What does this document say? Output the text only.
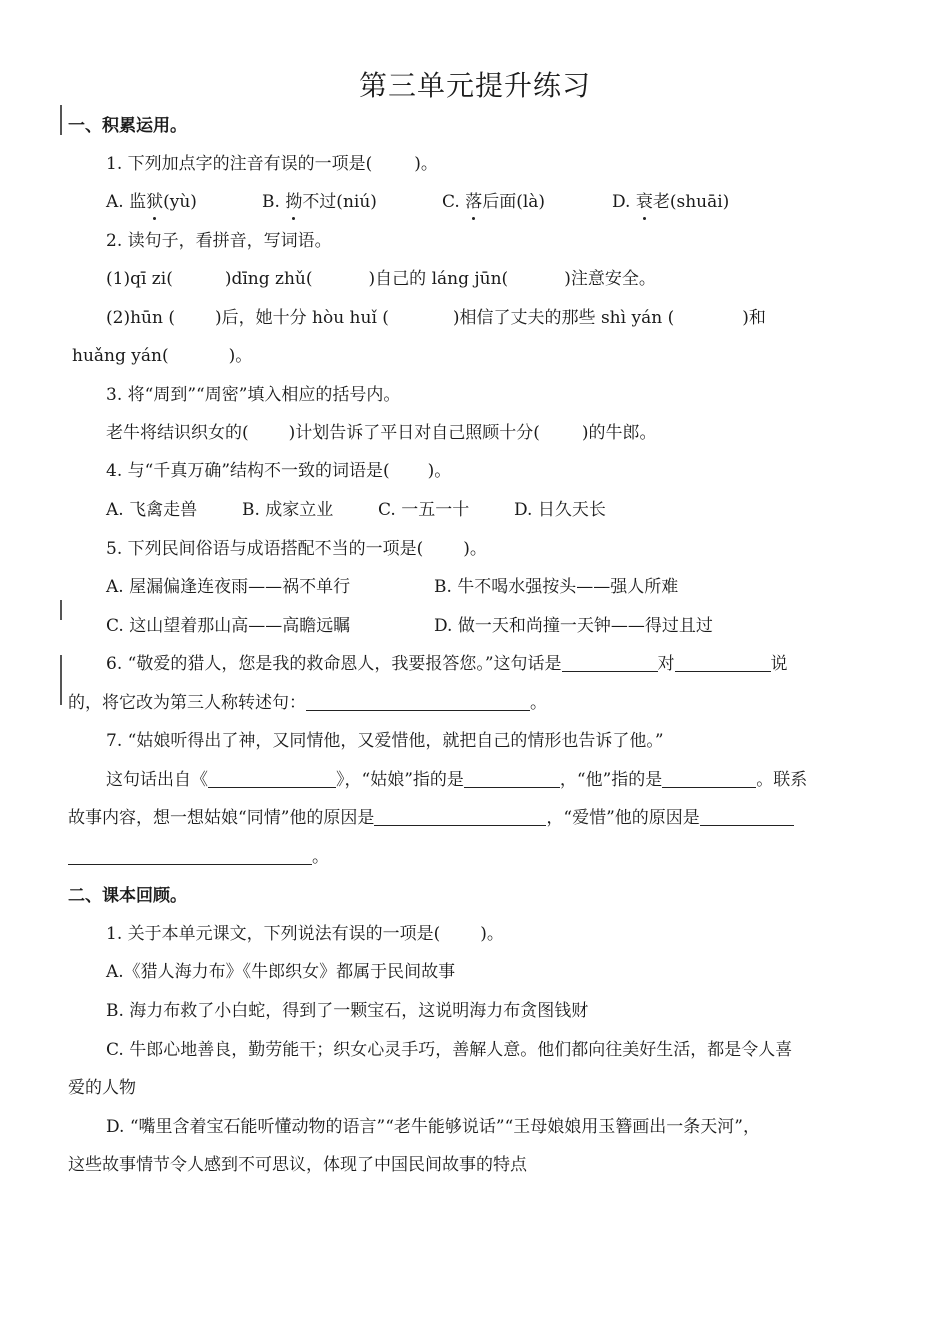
第三单元提升练习
一、积累运用。
1. 下列加点字的注音有误的一项是( )。
A. 监狱(yù)	B. 拗不过(niú)	C. 落后面(là)	D. 衰老(shuāi)
2. 读句子，看拼音，写词语。
(1)qī zi(	)dīng zhǔ(	)自己的 láng jūn(	)注意安全。
(2)hūn ( )后，她十分 hòu huǐ (	)相信了丈夫的那些 shì yán (	)和
huǎng yán(	)。
3. 将“周到”“周密”填入相应的括号内。
老牛将结识织女的( )计划告诉了平日对自己照顾十分( )的牛郎。
4. 与“千真万确”结构不一致的词语是( )。
A. 飞禽走兽	B. 成家立业	C. 一五一十	D. 日久天长
5. 下列民间俗语与成语搭配不当的一项是( )。
A. 屋漏偏逢连夜雨——祸不单行	B. 牛不喝水强按头——强人所难
C. 这山望着那山高——高瞻远瞩	D. 做一天和尚撞一天钟——得过且过
6. “敬爱的猎人，您是我的救命恩人，我要报答您。”这句话是	对	说
的，将它改为第三人称转述句：	。
7. “姑娘听得出了神，又同情他，又爱惜他，就把自己的情形也告诉了他。”
这句话出自《	》，“姑娘”指的是	，“他”指的是	。联系
故事内容，想一想姑娘“同情”他的原因是	，“爱惜”他的原因是
。
二、课本回顾。
1. 关于本单元课文，下列说法有误的一项是( )。
A.《猎人海力布》《牛郎织女》都属于民间故事
B. 海力布救了小白蛇，得到了一颗宝石，这说明海力布贪图钱财
C. 牛郎心地善良，勤劳能干；织女心灵手巧，善解人意。他们都向往美好生活，都是令人喜
爱的人物
D. “嘴里含着宝石能听懂动物的语言”“老牛能够说话”“王母娘娘用玉簪画出一条天河”，
这些故事情节令人感到不可思议，体现了中国民间故事的特点
